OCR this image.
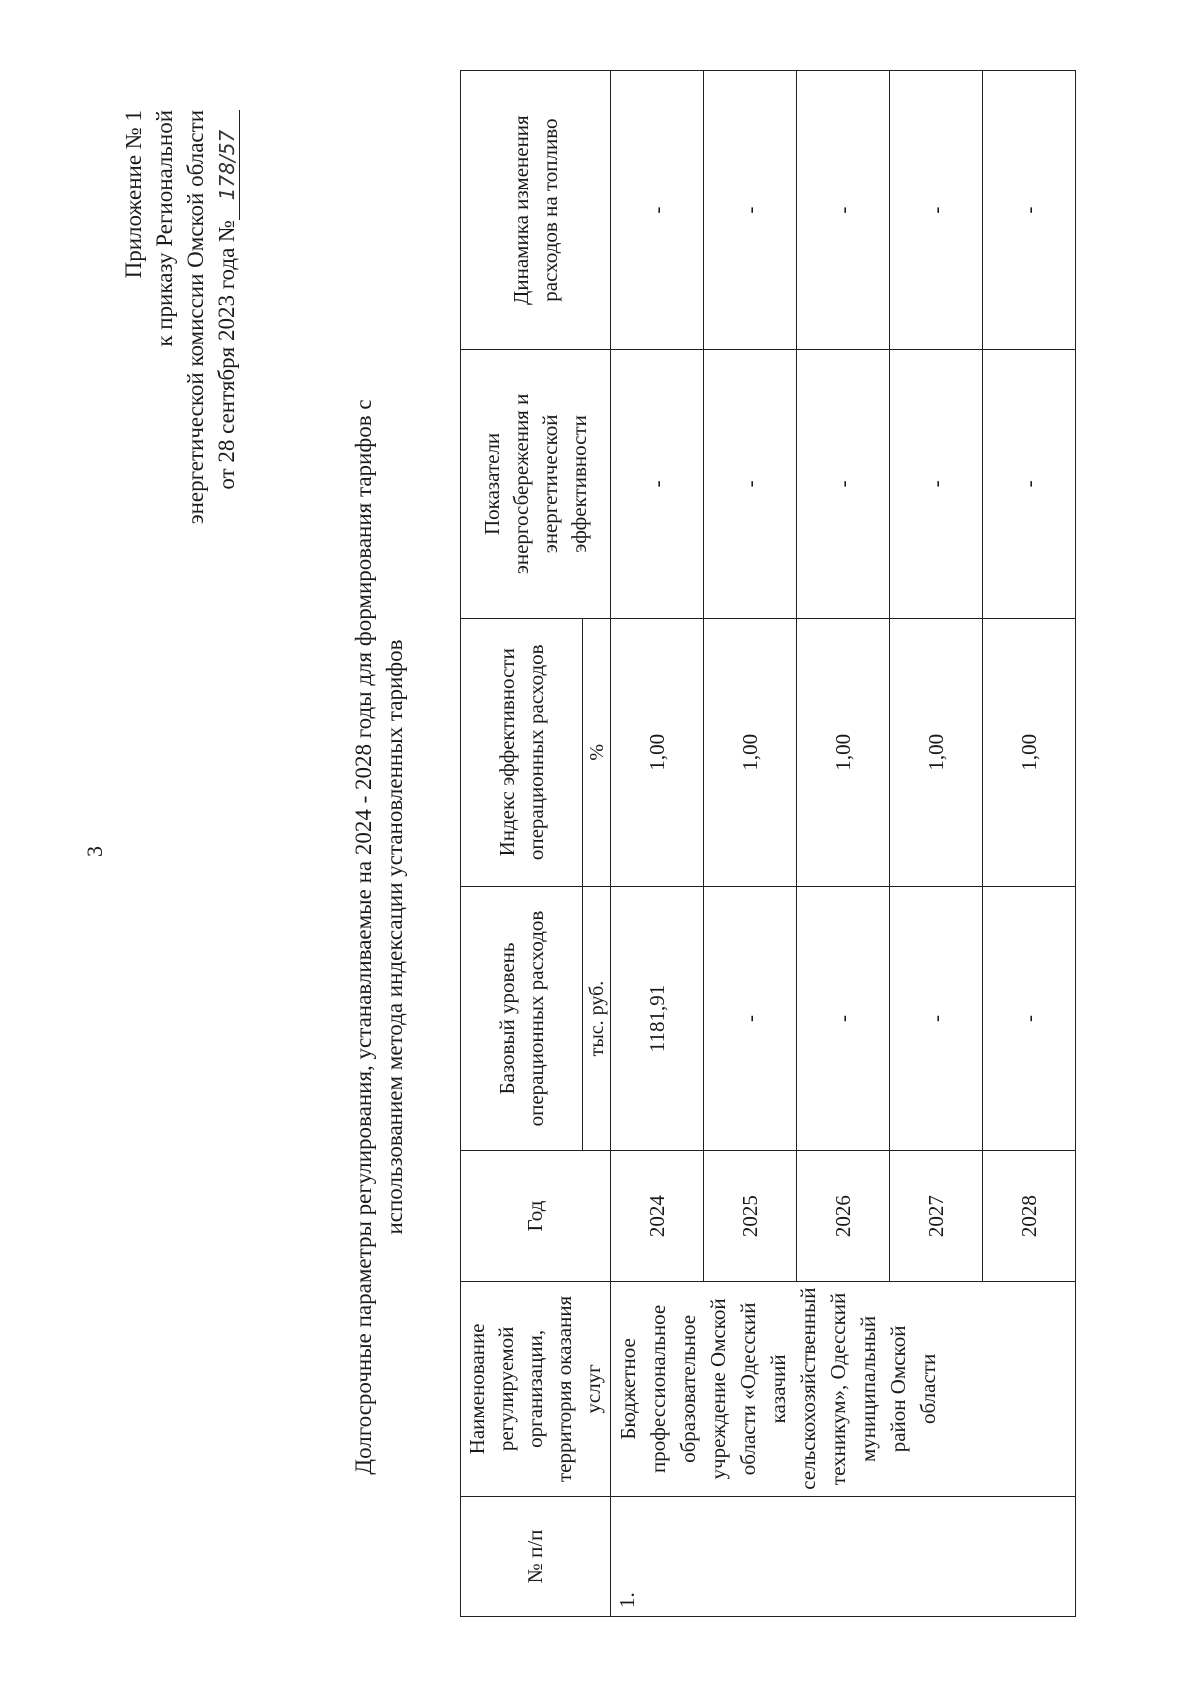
3
Приложение № 1 к приказу Региональной энергетической комиссии Омской области от 28 сентября 2023 года №178/57
Долгосрочные параметры регулирования, устанавливаемые на 2024 - 2028 годы для формирования тарифов с использованием метода индексации установленных тарифов
№ п/п	Наименование регулируемой организации, территория оказания услуг	Год	Базовый уровень операционных расходов	Индекс эффективности операционных расходов	Показатели энергосбережения и энергетической эффективности	Динамика изменения расходов на топливо
			тыс. руб.	%		
1.	Бюджетное профессиональное образовательное учреждение Омской области «Одесский казачий сельскохозяйственный техникум», Одесский муниципальный район Омской области	2024	1181,91	1,00	-	-
		2025	-	1,00	-	-
		2026	-	1,00	-	-
		2027	-	1,00	-	-
		2028	-	1,00	-	-
